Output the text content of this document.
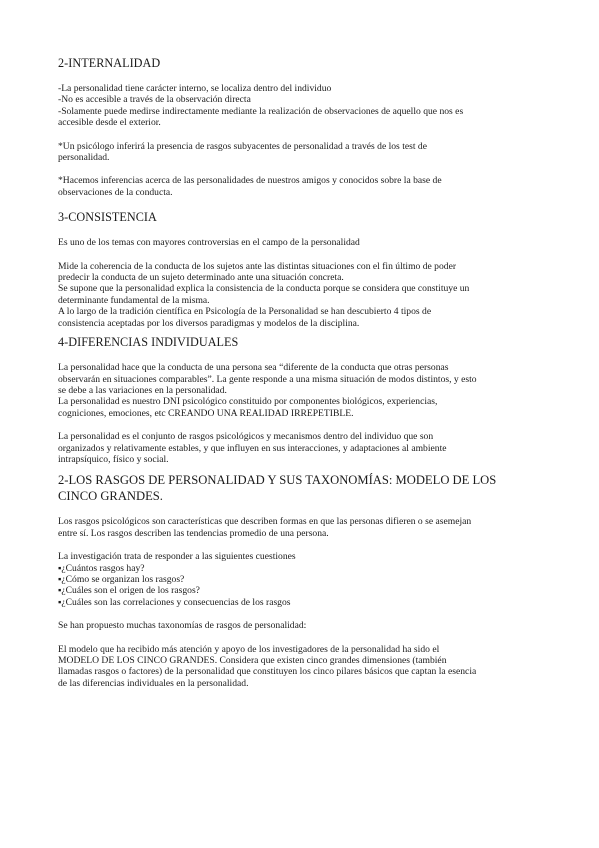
2-INTERNALIDAD

-La personalidad tiene carácter interno, se localiza dentro del individuo

-No es accesible a través de la observación directa

-Solamente puede medirse indirectamente mediante la realización de observaciones de aquello que nos es

accesible desde el exterior.

*Un psicólogo inferirá la presencia de rasgos subyacentes de personalidad a través de los test de

personalidad.

*Hacemos inferencias acerca de las personalidades de nuestros amigos y conocidos sobre la base de

observaciones de la conducta.

3-CONSISTENCIA

Es uno de los temas con mayores controversias en el campo de la personalidad

Mide la coherencia de la conducta de los sujetos ante las distintas situaciones con el fin último de poder

predecir la conducta de un sujeto determinado ante una situación concreta.

Se supone que la personalidad explica la consistencia de la conducta porque se considera que constituye un

determinante fundamental de la misma.

A lo largo de la tradición científica en Psicología de la Personalidad se han descubierto 4 tipos de

consistencia aceptadas por los diversos paradigmas y modelos de la disciplina.

4-DIFERENCIAS INDIVIDUALES

La personalidad hace que la conducta de una persona sea “diferente de la conducta que otras personas

observarán en situaciones comparables”. La gente responde a una misma situación de modos distintos, y esto

se debe a las variaciones en la personalidad.

La personalidad es nuestro DNI psicológico constituido por componentes biológicos, experiencias,

cogniciones, emociones, etc CREANDO UNA REALIDAD IRREPETIBLE.

La personalidad es el conjunto de rasgos psicológicos y mecanismos dentro del individuo que son

organizados y relativamente estables, y que influyen en sus interacciones, y adaptaciones al ambiente

intrapsíquico, físico y social.

2-LOS RASGOS DE PERSONALIDAD Y SUS TAXONOMÍAS: MODELO DE LOS

CINCO GRANDES.

Los rasgos psicológicos son características que describen formas en que las personas difieren o se asemejan

entre sí. Los rasgos describen las tendencias promedio de una persona.

La investigación trata de responder a las siguientes cuestiones

▪¿Cuántos rasgos hay?

▪¿Cómo se organizan los rasgos?

▪¿Cuáles son el origen de los rasgos?

▪¿Cuáles son las correlaciones y consecuencias de los rasgos

Se han propuesto muchas taxonomías de rasgos de personalidad:

El modelo que ha recibido más atención y apoyo de los investigadores de la personalidad ha sido el

MODELO DE LOS CINCO GRANDES. Considera que existen cinco grandes dimensiones (también

llamadas rasgos o factores) de la personalidad que constituyen los cinco pilares básicos que captan la esencia

de las diferencias individuales en la personalidad.
